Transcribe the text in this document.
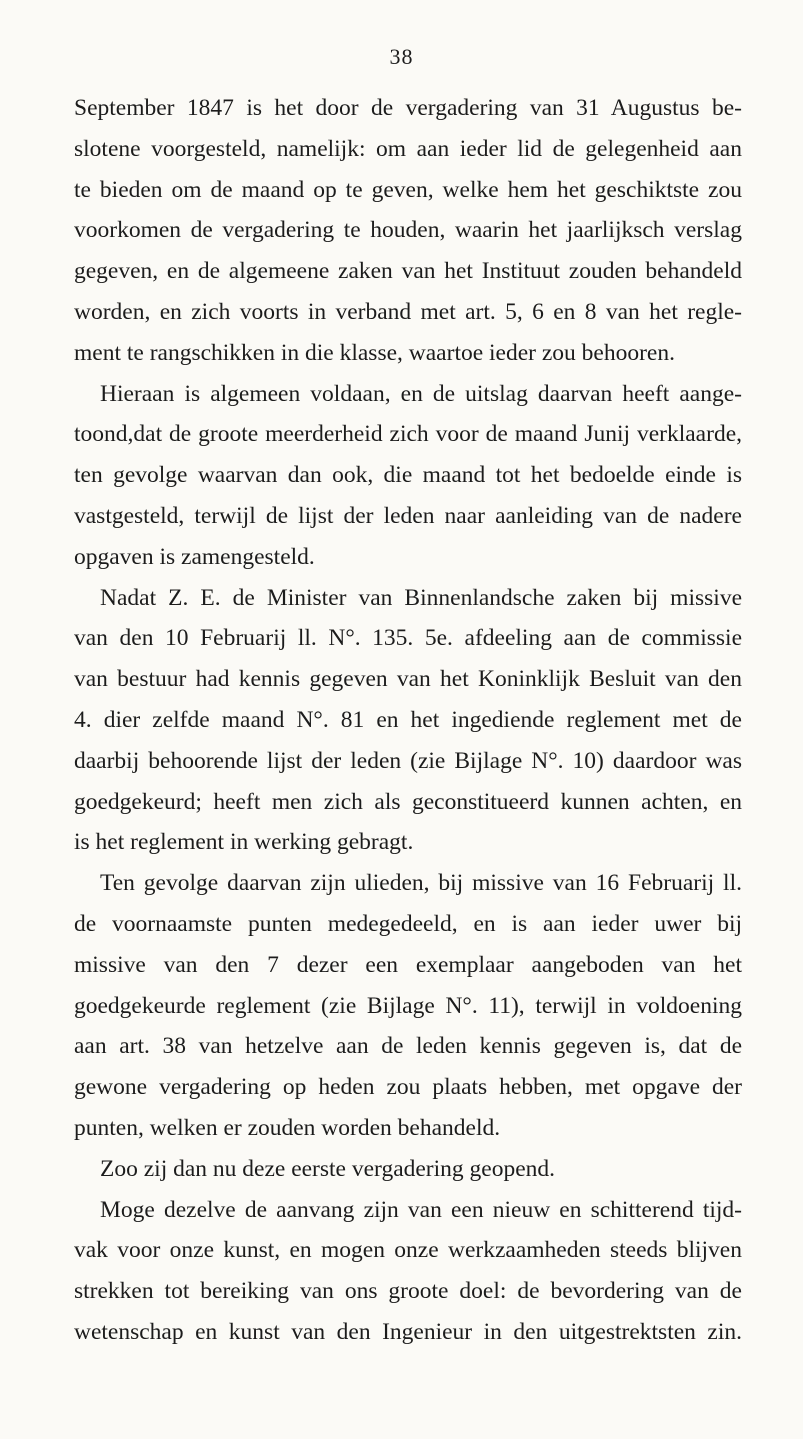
38

September 1847 is het door de vergadering van 31 Augustus be-
slotene voorgesteld, namelijk: om aan ieder lid de gelegenheid aan
te bieden om de maand op te geven, welke hem het geschiktste zou
voorkomen de vergadering te houden, waarin het jaarlijksch verslag
gegeven, en de algemeene zaken van het Instituut zouden behandeld
worden, en zich voorts in verband met art. 5, 6 en 8 van het regle-
ment te rangschikken in die klasse, waartoe ieder zou behooren.

Hieraan is algemeen voldaan, en de uitslag daarvan heeft aange-
toond,dat de groote meerderheid zich voor de maand Junij verklaarde,
ten gevolge waarvan dan ook, die maand tot het bedoelde einde is
vastgesteld, terwijl de lijst der leden naar aanleiding van de nadere
opgaven is zamengesteld.

Nadat Z. E. de Minister van Binnenlandsche zaken bij missive
van den 10 Februarij ll. N°. 135. 5e. afdeeling aan de commissie
van bestuur had kennis gegeven van het Koninklijk Besluit van den
4. dier zelfde maand N°. 81 en het ingediende reglement met de
daarbij behoorende lijst der leden (zie Bijlage N°. 10) daardoor was
goedgekeurd; heeft men zich als geconstitueerd kunnen achten, en
is het reglement in werking gebragt.

Ten gevolge daarvan zijn ulieden, bij missive van 16 Februarij ll.
de voornaamste punten medegedeeld, en is aan ieder uwer bij
missive van den 7 dezer een exemplaar aangeboden van het
goedgekeurde reglement (zie Bijlage N°. 11), terwijl in voldoening
aan art. 38 van hetzelve aan de leden kennis gegeven is, dat de
gewone vergadering op heden zou plaats hebben, met opgave der
punten, welken er zouden worden behandeld.

Zoo zij dan nu deze eerste vergadering geopend.

Moge dezelve de aanvang zijn van een nieuw en schitterend tijd-
vak voor onze kunst, en mogen onze werkzaamheden steeds blijven
strekken tot bereiking van ons groote doel: de bevordering van de
wetenschap en kunst van den Ingenieur in den uitgestrektsten zin.
